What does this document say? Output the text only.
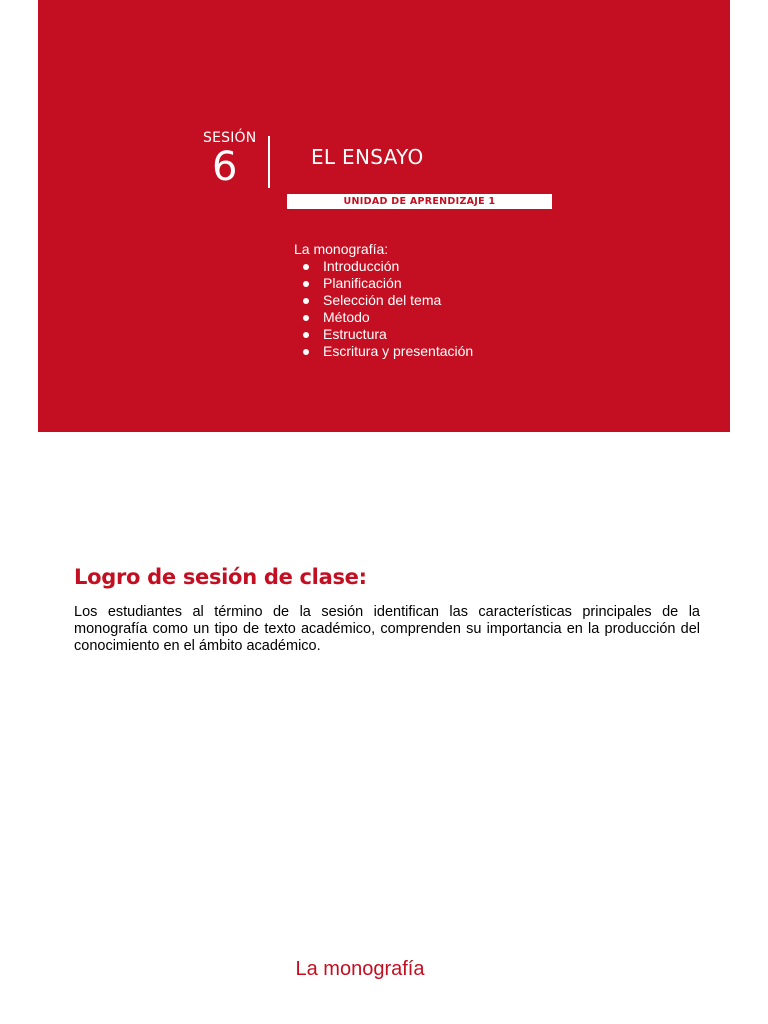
SESIÓN
6	EL ENSAYO
UNIDAD DE APRENDIZAJE 1
La monografía:
Introducción
Planificación
Selección del tema
Método
Estructura
Escritura y presentación
Logro de sesión de clase:

Los estudiantes al término de la sesión identifican las características principales de la monografía como un tipo de texto académico, comprenden su importancia en la producción del conocimiento en el ámbito académico.

La monografía
